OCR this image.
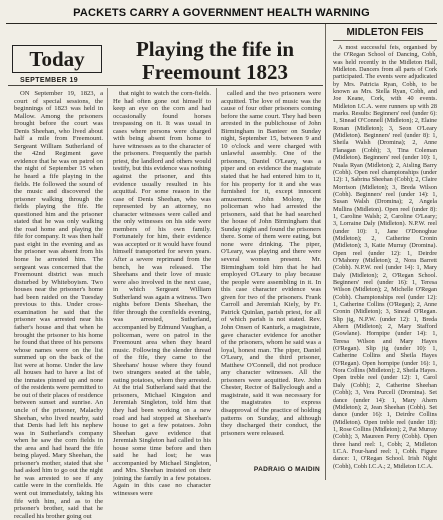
PACKETS CARRY A GOVERNMENT HEALTH WARNING
Today
SEPTEMBER 19
Playing the fife in Freemount 1823

ON September 19, 1823, a court of special sessions, the beginnings of 1823 was held in Mallow. Among the prisoners brought before the court was Denis Sheehan, who lived about half a mile from Freemount. Sergeant William Sutherland of the 42nd Regiment gave evidence that he was on patrol on the night of September 15 when he heard a fife playing in the fields. He followed the sound of the music and discovered the prisoner walking through the fields playing the fife. He questioned him and the prisoner stated that he was only walking the road home and playing the fife for company. It was then half past eight in the evening and as the prisoner was absent from his home he arrested him. The sergeant was concerned that the Freemount district was much disturbed by Whiteboyism. Two houses near the prisoner's home had been raided on the Tuesday previous to this. Under cross-examination he said that the prisoner was arrested near his father's house and that when he brought the prisoner to his home he found that three of his persons whose names were on the list summed up on the back of the list were at home. Under the law all houses had to have a list of the inmates pinned up and none of the residents were permitted to be out of their places of residence between sunset and sunrise. An uncle of the prisoner, Malachy Sheehan, who lived nearby, said that Denis had left his nephew was in Sutherland's company when he saw the corn fields in the area and had heard the fife being played. Mary Sheehan, the prisoner's mother, stated that she had asked him to go out the night he was arrested to see if any cattle were in the cornfields. He went out immediately, taking his fife with him, and as to the prisoner's brother, said that he recalled his brother going out

that night to watch the corn-fields. He had often gone out himself to keep an eye on the corn and had occasionally found horses trespassing on it. It was usual in cases where persons were charged with being absent from home to have witnesses as to the character of the prisoners. Frequently the parish priest, the landlord and others would testify, but this evidence was nothing against the prisoner, and this evidence usually resulted in his acquittal. For some reason in the case of Denis Sheehan, who was represented by an attorney, no character witnesses were called and the only witnesses on his side were members of his own family. Fortunately for him, their evidence was accepted or it would have found himself transported for seven years. After a severe reprimand from the bench, he was released. The Sheehans and their love of music were also involved in the next case, in which Sergeant William Sutherland was again a witness. Two nights before Denis Sheehan, the fifer through the cornfields evening, was arrested, Sutherland, accompanied by Edmund Vaughan, a policeman, were on patrol in the Freemount area when they heard music. Following the slender thread of the fife, they came to the Sheehans' house where they found two strangers seated at the table, eating potatoes, whom they arrested. At the trial Sutherland said that the prisoners, Michael Kingston and Jeremiah Singleton, told him that they had been working on a new road and had stopped at Sheehan's house to get a few potatoes. John Sheehan gave evidence that Jeremiah Singleton had called to his house some time before and then said he had lost; he was accompanied by Michael Singleton, and Mrs. Sheehan insisted on their joining the family in a few potatoes. Again in this case no character witnesses were

called and the two prisoners were acquitted. The love of music was the cause of four other prisoners coming before the same court. They had been arrested in the publichouse of John Birmingham in Banteer on Sunday night, September 15, between 9 and 10 o'clock and were charged with unlawful assembly. One of the prisoners, Daniel O'Leary, was a piper and on evidence the magistrate stated that he had entered him to it, for his property for it and she was furnished for it, except innocent amusement. John Molony, the policeman who had arrested the prisoners, said that he had searched the house of John Birmingham that Sunday night and found the prisoners there. Some of them were eating, but none were drinking. The piper, O'Leary, was playing and there were several women present. Mr. Birmingham told him that he had employed O'Leary to play because the people were assembling in it. In this case character evidence was given for two of the prisoners. Frank Carroll and Jeremiah Kiely, by Fr. Patrick Quinlan, parish priest, for all of which parish is not stated. Rev. John Onsen of Kanturk, a magistrate, gave character evidence for another of the prisoners, whom he said was a loyal, honest man. The piper, Daniel O'Leary, and the third prisoner, Matthew O'Connell, did not produce any character witnesses. All the prisoners were acquitted. Rev. John Chester, Rector of Ballyclough and a magistrate, said it was necessary for the magistrates to express disapproval of the practice of holding patterns on Sunday, and although they discharged their conduct, the prisoners were released.

PADRAIG O MAIDIN
MIDLETON FEIS

A most successful feis, organised by the O'Regan School of Dancing, Cobh, was held recently in the Midleton Hall, Midleton. Dancers from all parts of Cork participated. The events were adjudicated by Mrs. Patricia Ryan, Cobh, to be known as Mrs. Stella Ryan, Cobh, and Joe Keane, Cork, with 40 events. Midleton I.C.A. were runners up with 28 marks. Results: Beginners' reel (under 6): 1, Sinead O'Connell (Midleton); 2, Elaine Ronan (Midleton); 3, Seon O'Leary (Midleton). Beginners' reel (under 8): 1, Sheila Walsh (Dromina); 2, Anne Flanagan (Cobh); 3, Tina Coleman (Midleton). Beginners' reel (under 10): 1, Nuala Ryan (Midleton); 2, Aisling Barry (Cobh). Open reel championships (under 12): 1, Sabrina Sheehan (Cobh); 2, Claire Morrison (Midleton); 3, Breda Wilson (Cobh). Beginners' reel (under 14): 1, Susan Walsh (Dromina); 2, Angela Mullins (Midleton). Open reel (under 8): 1, Caroline Walsh; 2, Caroline O'Leary; 3, Lorraine Daly (Midleton). N.P.W. reel (under 10): 1, Jane O'Donoghue (Midleton); 2, Catherine Cronin (Midleton); 3, Katie Murray (Dromina). Open reel (under 12): 1, Deirdre O'Mahony (Midleton); 2, Nora Barrett (Cobh). N.P.W. reel (under 14): 1, Mary Daly (Midleton); 2, O'Regan School. Beginners' reel (under 16): 1, Teresa Wilson (Midleton); 2, Michelle O'Regan (Cobh). Championships reel (under 12): 1, Catherine Collins (O'Regan); 2, Anne Cronin (Midleton); 3, Sinead O'Regan. Slip jig, N.P.W. (under 12): 1, Breda Ahern (Midleton); 2, Mary Stafford (Gowlane). Hornpipe (under 14): 1, Teresa Wilson and Mary Hayes (O'Regan). Slip jig (under 10): 1, Catherine Collins and Sheila Hayes (O'Regan). Open hornpipe (under 16): 1, Nora Collins (Midleton); 2, Sheila Hayes. Open treble reel (under 12): 1, Carol Daly (Cobh); 2, Catherine Sheehan (Cobh); 3, Vera Purcell (Dromina). Set dance (under 14): 1, Mary Ahern (Midleton); 2, Jean Sheehan (Cobh). Set dance (under 16): 1, Deirdre Collins (Midleton). Open treble reel (under 18): 1, Rose Collins (Midleton); 2, Pat Murray (Cobh); 3, Maureen Perry (Cobh). Open three hand reel: 1, Cobh; 2, Midleton I.C.A. Four-hand reel: 1, Cobh. Figure dance: 1, O'Regan School. Irish Night (Cobh), Cobh I.C.A.; 2, Midleton I.C.A.
